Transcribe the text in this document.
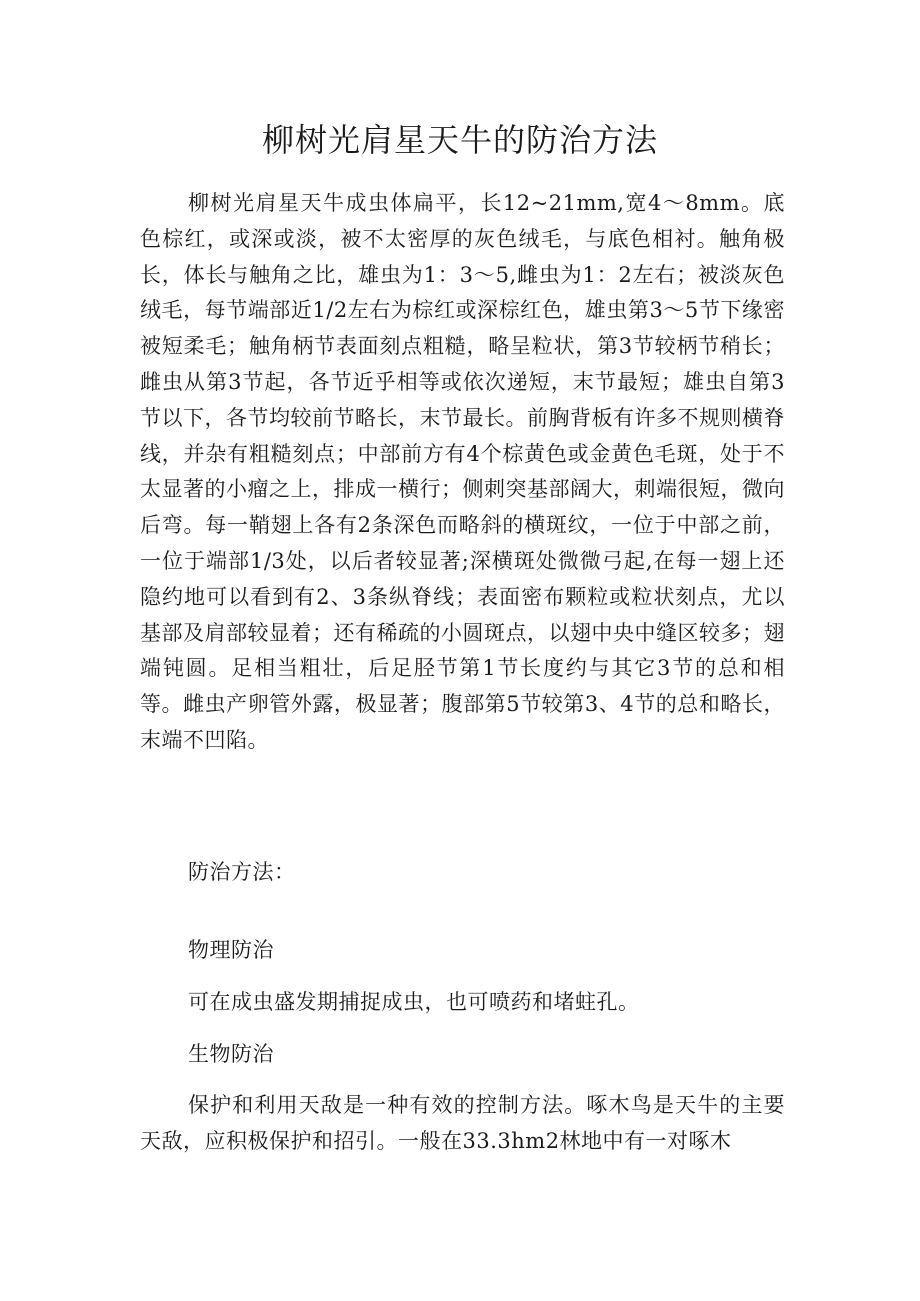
柳树光肩星天牛的防治方法

柳树光肩星天牛成虫体扁平，长12~21mm,宽4～8mm。底色棕红，或深或淡，被不太密厚的灰色绒毛，与底色相衬。触角极长，体长与触角之比，雄虫为1：3～5,雌虫为1：2左右；被淡灰色绒毛，每节端部近1/2左右为棕红或深棕红色，雄虫第3～5节下缘密被短柔毛；触角柄节表面刻点粗糙，略呈粒状，第3节较柄节稍长；雌虫从第3节起，各节近乎相等或依次递短，末节最短；雄虫自第3节以下，各节均较前节略长，末节最长。前胸背板有许多不规则横脊线，并杂有粗糙刻点；中部前方有4个棕黄色或金黄色毛斑，处于不太显著的小瘤之上，排成一横行；侧刺突基部阔大，刺端很短，微向后弯。每一鞘翅上各有2条深色而略斜的横斑纹，一位于中部之前，一位于端部1/3处，以后者较显著;深横斑处微微弓起,在每一翅上还隐约地可以看到有2、3条纵脊线；表面密布颗粒或粒状刻点，尤以基部及肩部较显着；还有稀疏的小圆斑点，以翅中央中缝区较多；翅端钝圆。足相当粗壮，后足胫节第1节长度约与其它3节的总和相等。雌虫产卵管外露，极显著；腹部第5节较第3、4节的总和略长，末端不凹陷。

防治方法：

物理防治

可在成虫盛发期捕捉成虫，也可喷药和堵蛀孔。

生物防治

保护和利用天敌是一种有效的控制方法。啄木鸟是天牛的主要天敌，应积极保护和招引。一般在33.3hm2林地中有一对啄木
